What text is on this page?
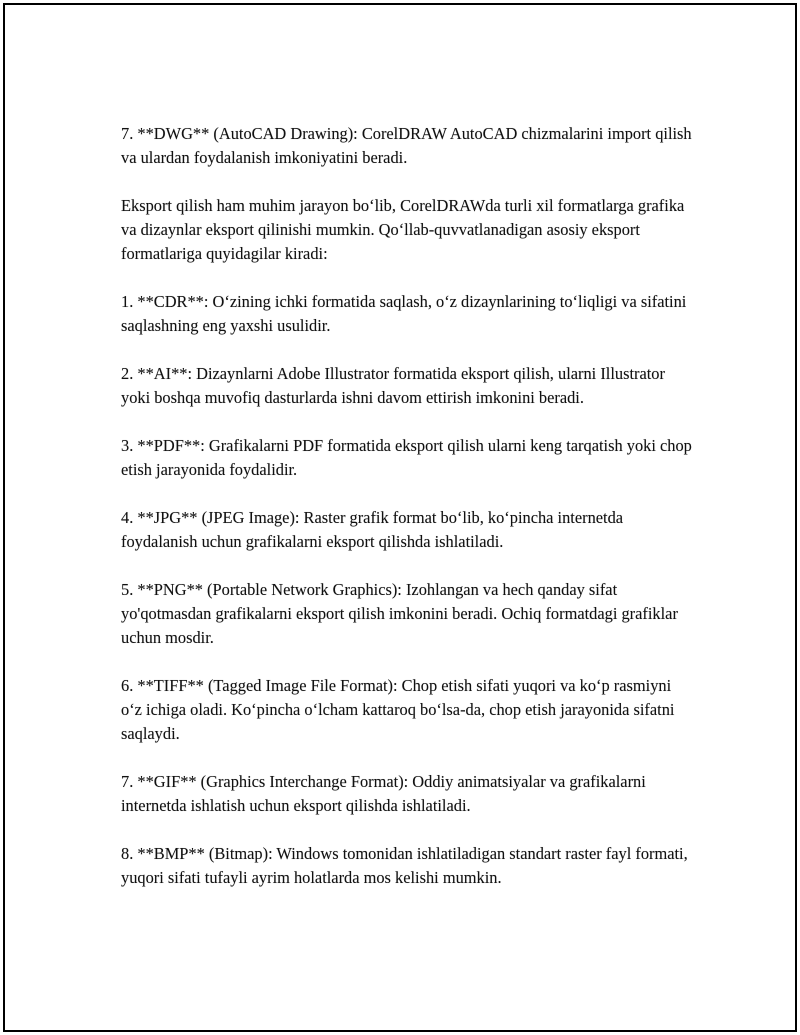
7. **DWG** (AutoCAD Drawing): CorelDRAW AutoCAD chizmalarini import qilish va ulardan foydalanish imkoniyatini beradi.

Eksport qilish ham muhim jarayon bo‘lib, CorelDRAWda turli xil formatlarga grafika va dizaynlar eksport qilinishi mumkin. Qo‘llab-quvvatlanadigan asosiy eksport formatlariga quyidagilar kiradi:

1. **CDR**: O‘zining ichki formatida saqlash, o‘z dizaynlarining to‘liqligi va sifatini saqlashning eng yaxshi usulidir.

2. **AI**: Dizaynlarni Adobe Illustrator formatida eksport qilish, ularni Illustrator yoki boshqa muvofiq dasturlarda ishni davom ettirish imkonini beradi.

3. **PDF**: Grafikalarni PDF formatida eksport qilish ularni keng tarqatish yoki chop etish jarayonida foydalidir.

4. **JPG** (JPEG Image): Raster grafik format bo‘lib, ko‘pincha internetda foydalanish uchun grafikalarni eksport qilishda ishlatiladi.

5. **PNG** (Portable Network Graphics): Izohlangan va hech qanday sifat yo'qotmasdan grafikalarni eksport qilish imkonini beradi. Ochiq formatdagi grafiklar uchun mosdir.

6. **TIFF** (Tagged Image File Format): Chop etish sifati yuqori va ko‘p rasmiyni o‘z ichiga oladi. Ko‘pincha o‘lcham kattaroq bo‘lsa-da, chop etish jarayonida sifatni saqlaydi.

7. **GIF** (Graphics Interchange Format): Oddiy animatsiyalar va grafikalarni internetda ishlatish uchun eksport qilishda ishlatiladi.

8. **BMP** (Bitmap): Windows tomonidan ishlatiladigan standart raster fayl formati, yuqori sifati tufayli ayrim holatlarda mos kelishi mumkin.
